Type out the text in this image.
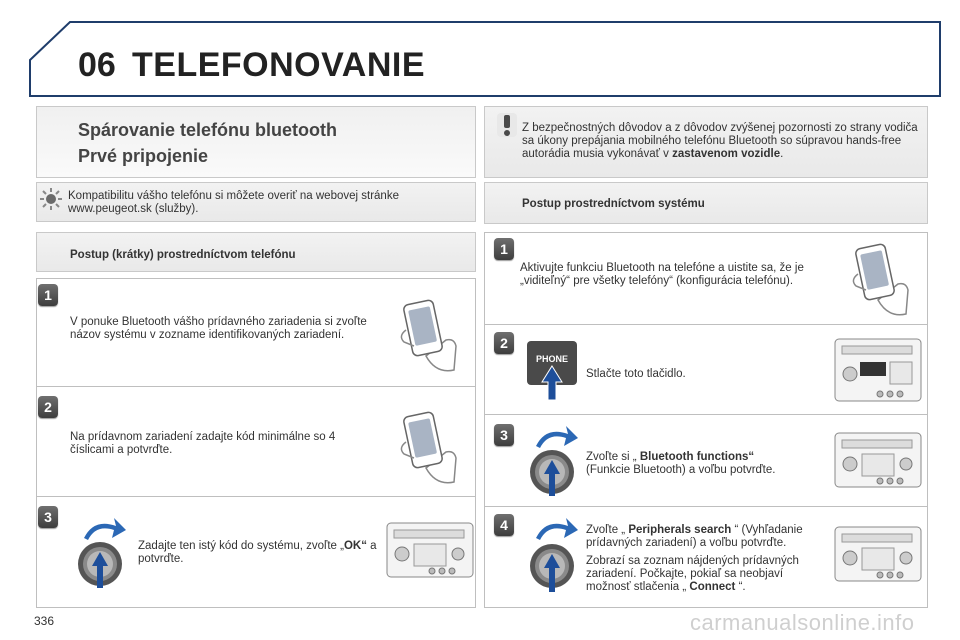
06 TELEFONOVANIE
Spárovanie telefónu bluetooth
Prvé pripojenie
Z bezpečnostných dôvodov a z dôvodov zvýšenej pozornosti zo strany vodiča sa úkony prepájania mobilného telefónu Bluetooth so súpravou hands-free autorádia musia vykonávať v zastavenom vozidle.
Kompatibilitu vášho telefónu si môžete overiť na webovej stránke www.peugeot.sk (služby).
Postup (krátky) prostredníctvom telefónu
Postup prostredníctvom systému
1
V ponuke Bluetooth vášho prídavného zariadenia si zvoľte názov systému v zozname identifikovaných zariadení.
2
Na prídavnom zariadení zadajte kód minimálne so 4 číslicami a potvrďte.
3
Zadajte ten istý kód do systému, zvoľte „OK“ a potvrďte.
1
Aktivujte funkciu Bluetooth na telefóne a uistite sa, že je „viditeľný“ pre všetky telefóny“ (konfigurácia telefónu).
2
PHONE
Stlačte toto tlačidlo.
3
Zvoľte si „ Bluetooth functions“
(Funkcie Bluetooth) a voľbu potvrďte.
4	Zvoľte „ Peripherals search “ (Vyhľadanie prídavných zariadení) a voľbu potvrďte.
Zobrazí sa zoznam nájdených prídavných zariadení. Počkajte, pokiaľ sa neobjaví možnosť stlačenia „ Connect “.
336	carmanualsonline.info
